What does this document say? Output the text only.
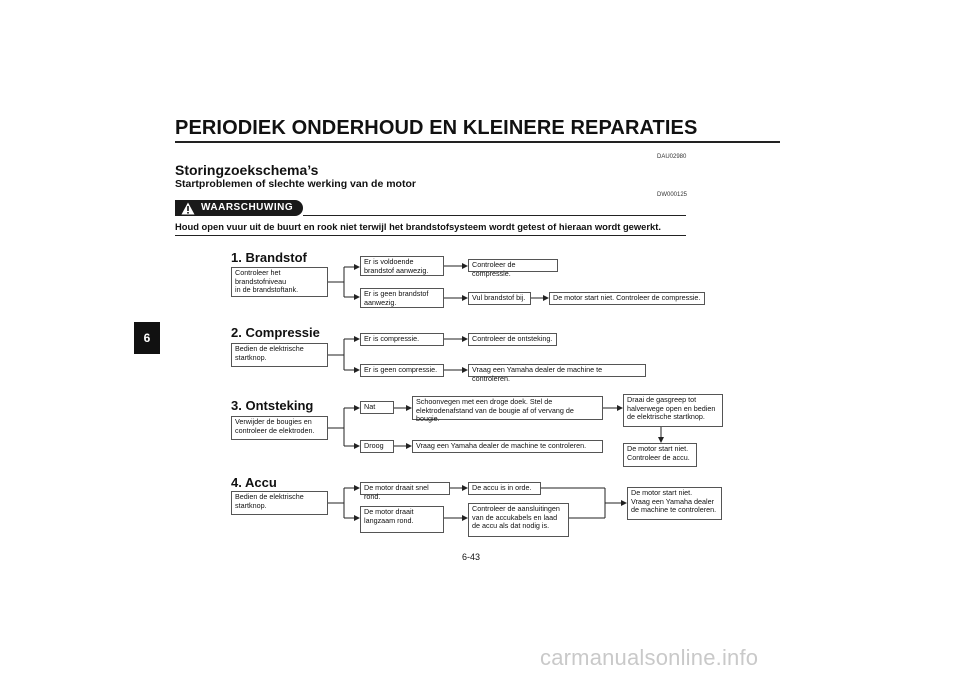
PERIODIEK ONDERHOUD EN KLEINERE REPARATIES
DAU02980
Storingzoekschema’s
Startproblemen of slechte werking van de motor
DW000125
WAARSCHUWING
Houd open vuur uit de buurt en rook niet terwijl het brandstofsysteem wordt getest of hieraan wordt gewerkt.
6
1. Brandstof
2. Compressie
3. Ontsteking
4. Accu
Controleer het
brandstofniveau
in de brandstoftank.
Er is voldoende
brandstof aanwezig.
Controleer de compressie.
Er is geen brandstof
aanwezig.
Vul brandstof bij.	De motor start niet. Controleer de compressie.
Bedien de elektrische
startknop.
Er is compressie.	Controleer de ontsteking.
Er is geen compressie.	Vraag een Yamaha dealer de machine te controleren.
Verwijder de bougies en
controleer de elektroden.
Nat
Schoonvegen met een droge doek. Stel de
elektrodenafstand van de bougie af of vervang de bougie.
Draai de gasgreep tot
halverwege open en bedien
de elektrische startknop.
De motor start niet.
Controleer de accu.
Droog	Vraag een Yamaha dealer de machine te controleren.
Bedien de elektrische
startknop.
De motor draait snel rond.
De accu is in orde.
De motor draait
langzaam rond.
Controleer de aansluitingen
van de accukabels en laad
de accu als dat nodig is.
De motor start niet.
Vraag een Yamaha dealer
de machine te controleren.
6-43
carmanualsonline.info
